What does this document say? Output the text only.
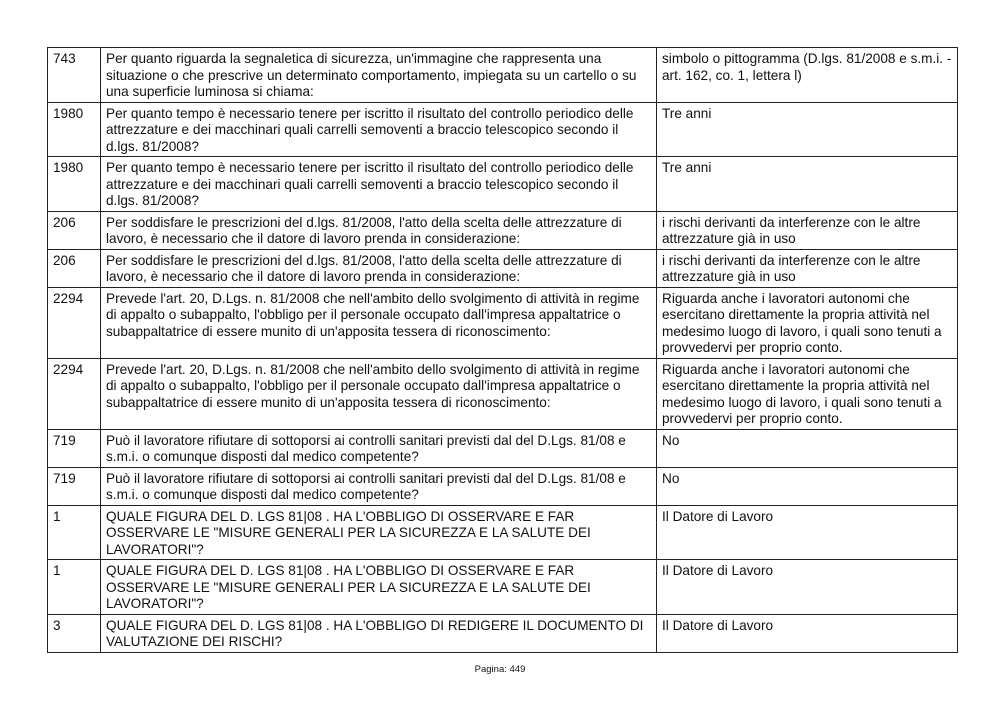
743	Per quanto riguarda la segnaletica di sicurezza, un'immagine che rappresenta una situazione o che prescrive un determinato comportamento, impiegata su un cartello o su una superficie luminosa si chiama:	simbolo o pittogramma (D.lgs. 81/2008 e s.m.i. - art. 162, co. 1, lettera l)
1980	Per quanto tempo è necessario tenere per iscritto il risultato del controllo periodico delle attrezzature e dei macchinari quali carrelli semoventi a braccio telescopico secondo il d.lgs. 81/2008?	Tre anni
1980	Per quanto tempo è necessario tenere per iscritto il risultato del controllo periodico delle attrezzature e dei macchinari quali carrelli semoventi a braccio telescopico secondo il d.lgs. 81/2008?	Tre anni
206	Per soddisfare le prescrizioni del d.lgs. 81/2008, l'atto della scelta delle attrezzature di lavoro, è necessario che il datore di lavoro prenda in considerazione:	i rischi derivanti da interferenze con le altre attrezzature già in uso
206	Per soddisfare le prescrizioni del d.lgs. 81/2008, l'atto della scelta delle attrezzature di lavoro, è necessario che il datore di lavoro prenda in considerazione:	i rischi derivanti da interferenze con le altre attrezzature già in uso
2294	Prevede l'art. 20, D.Lgs. n. 81/2008 che nell'ambito dello svolgimento di attività in regime di appalto o subappalto, l'obbligo per il personale occupato dall'impresa appaltatrice o subappaltatrice di essere munito di un'apposita tessera di riconoscimento:	Riguarda anche i lavoratori autonomi che esercitano direttamente la propria attività nel medesimo luogo di lavoro, i quali sono tenuti a provvedervi per proprio conto.
2294	Prevede l'art. 20, D.Lgs. n. 81/2008 che nell'ambito dello svolgimento di attività in regime di appalto o subappalto, l'obbligo per il personale occupato dall'impresa appaltatrice o subappaltatrice di essere munito di un'apposita tessera di riconoscimento:	Riguarda anche i lavoratori autonomi che esercitano direttamente la propria attività nel medesimo luogo di lavoro, i quali sono tenuti a provvedervi per proprio conto.
719	Può il lavoratore rifiutare di sottoporsi ai controlli sanitari previsti dal del D.Lgs. 81/08 e s.m.i. o comunque disposti dal medico competente?	No
719	Può il lavoratore rifiutare di sottoporsi ai controlli sanitari previsti dal del D.Lgs. 81/08 e s.m.i. o comunque disposti dal medico competente?	No
1	QUALE FIGURA DEL D. LGS 81|08 . HA L'OBBLIGO DI OSSERVARE E FAR OSSERVARE LE "MISURE GENERALI PER LA SICUREZZA E LA SALUTE DEI LAVORATORI"?	Il Datore di Lavoro
1	QUALE FIGURA DEL D. LGS 81|08 . HA L'OBBLIGO DI OSSERVARE E FAR OSSERVARE LE "MISURE GENERALI PER LA SICUREZZA E LA SALUTE DEI LAVORATORI"?	Il Datore di Lavoro
3	QUALE FIGURA DEL D. LGS 81|08 . HA L'OBBLIGO DI REDIGERE IL DOCUMENTO DI VALUTAZIONE DEI RISCHI?	Il Datore di Lavoro
Pagina: 449
